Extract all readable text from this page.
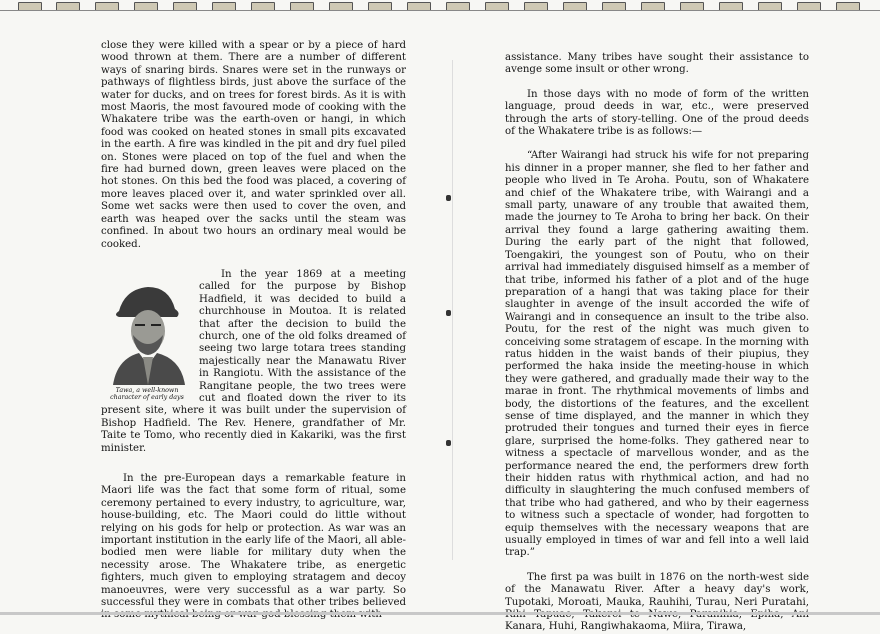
close they were killed with a spear or by a piece of hard wood thrown at them. There are a number of different ways of snaring birds. Snares were set in the runways or pathways of flightless birds, just above the surface of the water for ducks, and on trees for forest birds. As it is with most Maoris, the most favoured mode of cooking with the Whakatere tribe was the earth-oven or hangi, in which food was cooked on heated stones in small pits excavated in the earth. A fire was kindled in the pit and dry fuel piled on. Stones were placed on top of the fuel and when the fire had burned down, green leaves were placed on the hot stones. On this bed the food was placed, a covering of more leaves placed over it, and water sprinkled over all. Some wet sacks were then used to cover the oven, and earth was heaped over the sacks until the steam was confined. In about two hours an ordinary meal would be cooked.

Tawa, a well-known character of early days

In the year 1869 at a meeting called for the purpose by Bishop Hadfield, it was decided to build a churchhouse in Moutoa. It is related that after the decision to build the church, one of the old folks dreamed of seeing two large totara trees standing majestically near the Manawatu River in Rangiotu. With the assistance of the Rangitane people, the two trees were cut and floated down the river to its present site, where it was built under the supervision of Bishop Hadfield. The Rev. Henere, grandfather of Mr. Taite te Tomo, who recently died in Kakariki, was the first minister.

In the pre-European days a remarkable feature in Maori life was the fact that some form of ritual, some ceremony pertained to every industry, to agriculture, war, house-building, etc. The Maori could do little without relying on his gods for help or protection. As war was an important institution in the early life of the Maori, all able-bodied men were liable for military duty when the necessity arose. The Whakatere tribe, as energetic fighters, much given to employing stratagem and decoy manoeuvres, were very successful as a war party. So successful they were in combats that other tribes believed

assistance. Many tribes have sought their assistance to avenge some insult or other wrong.

In those days with no mode of form of the written language, proud deeds in war, etc., were preserved through the arts of story-telling. One of the proud deeds of the Whakatere tribe is as follows:—

“After Wairangi had struck his wife for not preparing his dinner in a proper manner, she fled to her father and people who lived in Te Aroha. Poutu, son of Whakatere and chief of the Whakatere tribe, with Wairangi and a small party, unaware of any trouble that awaited them, made the journey to Te Aroha to bring her back. On their arrival they found a large gathering awaiting them. During the early part of the night that followed, Toengakiri, the youngest son of Poutu, who on their arrival had immediately disguised himself as a member of that tribe, informed his father of a plot and of the huge preparation of a hangi that was taking place for their slaughter in avenge of the insult accorded the wife of Wairangi and in consequence an insult to the tribe also. Poutu, for the rest of the night was much given to conceiving some stratagem of escape. In the morning with ratus hidden in the waist bands of their piupius, they performed the haka inside the meeting-house in which they were gathered, and gradually made their way to the marae in front. The rhythmical movements of limbs and body, the distortions of the features, and the excellent sense of time displayed, and the manner in which they protruded their tongues and turned their eyes in fierce glare, surprised the home-folks. They gathered near to witness a spectacle of marvellous wonder, and as the performance neared the end, the performers drew forth their hidden ratus with rhythmical action, and had no difficulty in slaughtering the much confused members of that tribe who had gathered, and who by their eagerness to witness such a spectacle of wonder, had forgotten to equip themselves with the necessary weapons that are usually employed in times of war and fell into a well laid trap.”

The first pa was built in 1876 on the north-west side of the Manawatu River. After a heavy day's work, Tupotaki, Moroati, Mauka, Rauhihi, Turau, Neri Puratahi, Kanara, Huhi, Rangiwhakaoma, Miira, Tirawa,
